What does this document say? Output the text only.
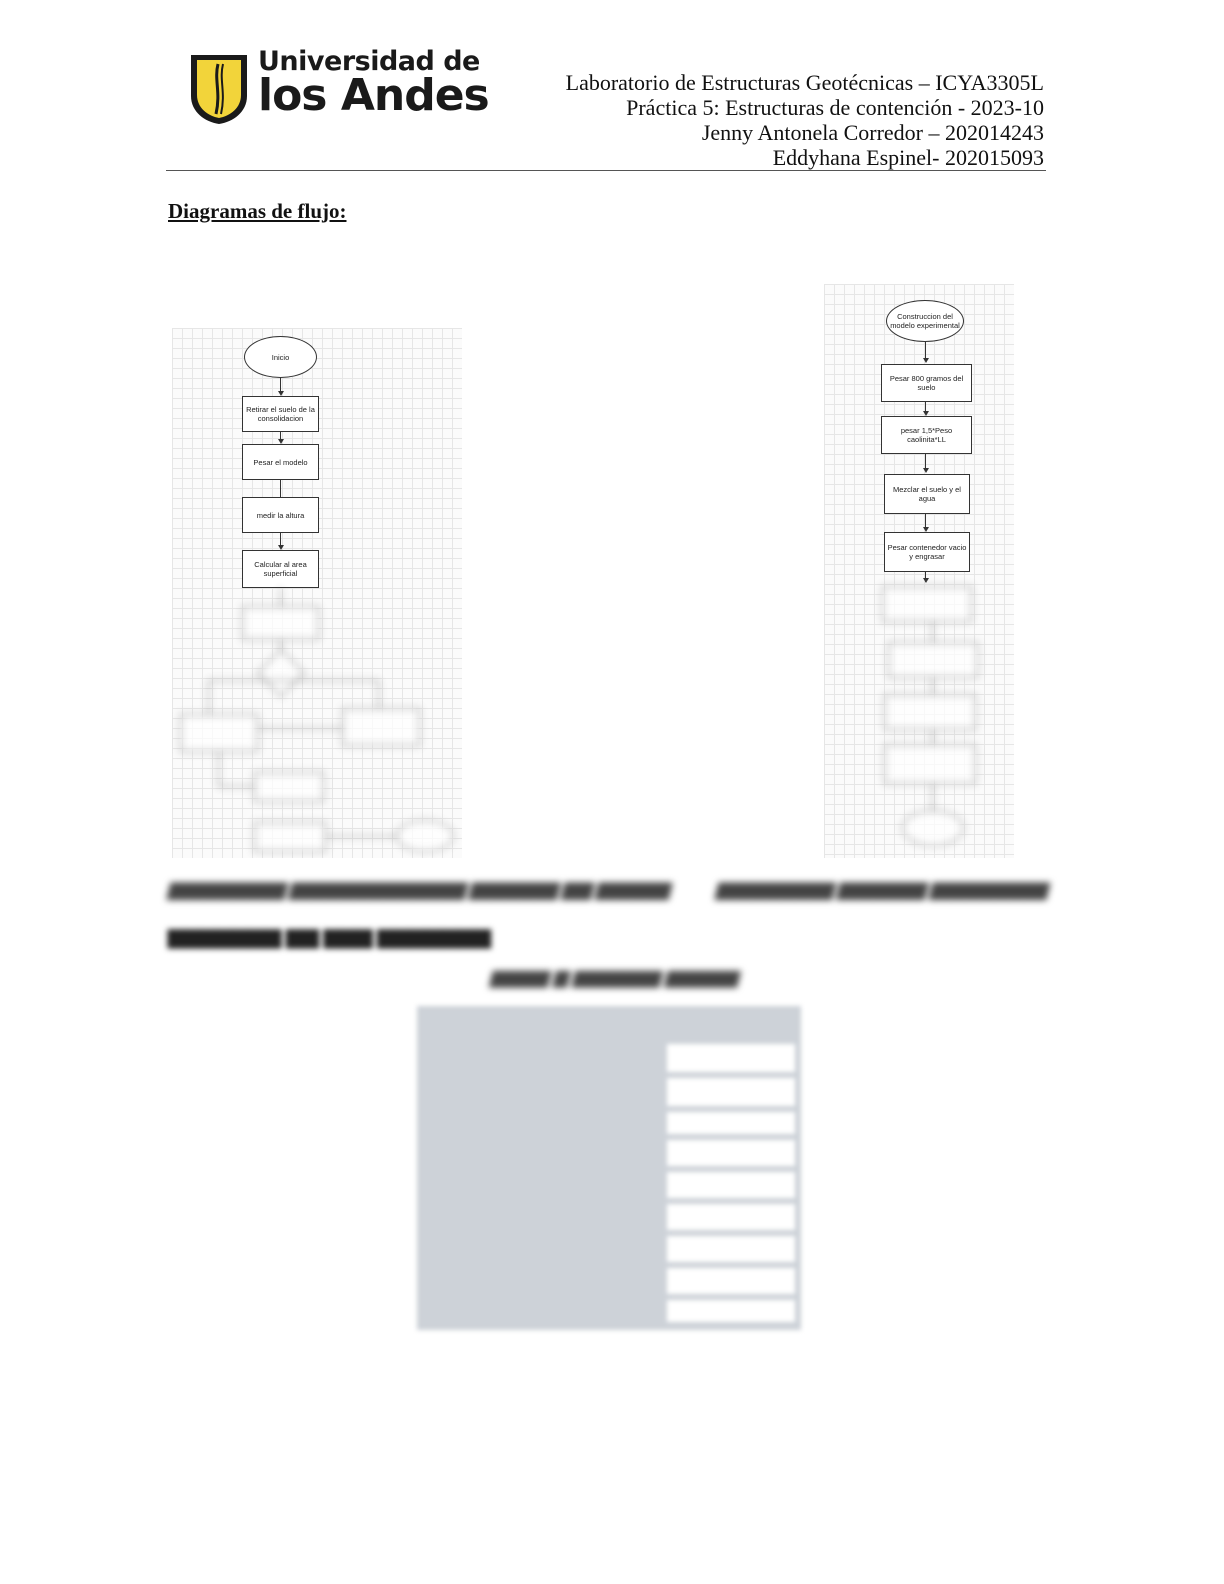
Universidad de
los Andes	Laboratorio de Estructuras Geotécnicas – ICYA3305L
Práctica 5: Estructuras de contención - 2023-10
Jenny Antonela Corredor – 202014243
Eddyhana Espinel- 202015093
Diagramas de flujo:
Inicio
Retirar el suelo de la consolidacion
Pesar el modelo
medir la altura
Calcular al area superficial
Construccion del modelo experimental
Pesar 800 gramos del suelo
pesar 1,5*Peso caolinita*LL
Mezclar el suelo y el agua
Pesar contenedor vacio y engrasar
▆▆▆▆▆▆▆▆ ▆▆▆▆▆▆▆▆▆▆▆▆ ▆▆▆▆▆▆ ▆▆ ▆▆▆▆▆ ▆▆▆▆▆▆▆▆ ▆▆▆▆▆▆ ▆▆▆▆▆▆▆▆
▆▆▆▆▆▆▆ ▆▆ ▆▆▆ ▆▆▆▆▆▆▆
▆▆▆▆ ▆ ▆▆▆▆▆▆ ▆▆▆▆▆
